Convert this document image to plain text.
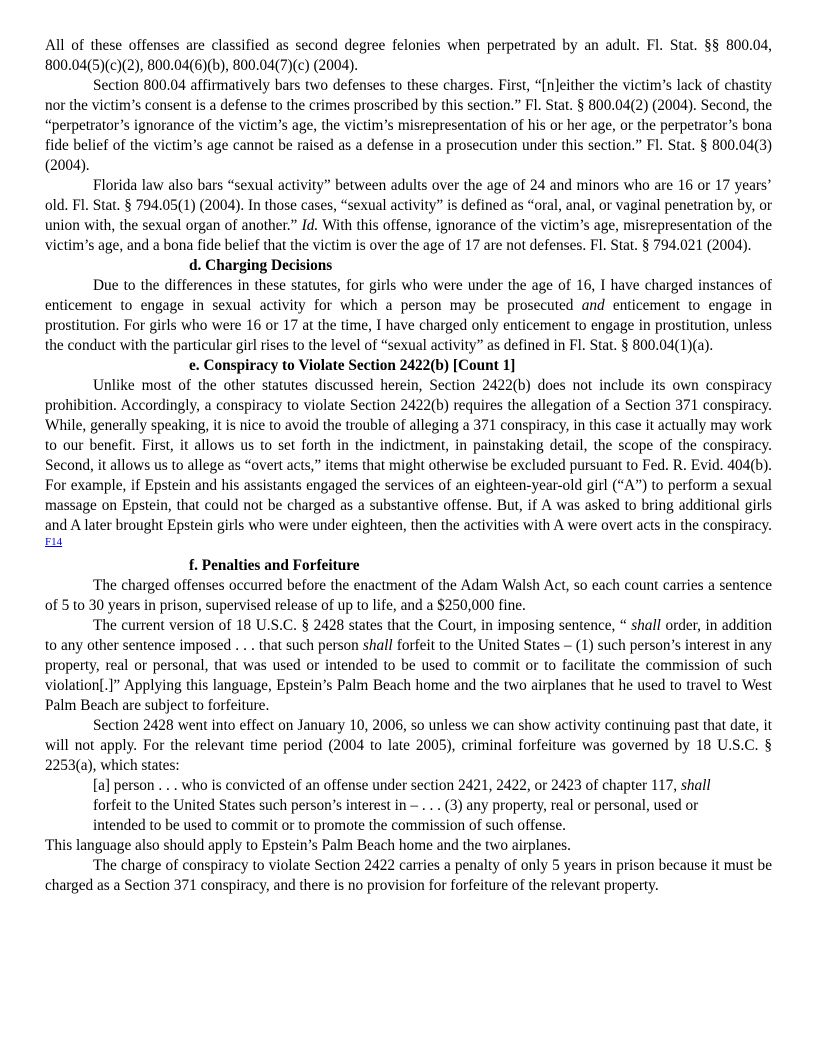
All of these offenses are classified as second degree felonies when perpetrated by an adult. Fl. Stat. §§ 800.04, 800.04(5)(c)(2), 800.04(6)(b), 800.04(7)(c) (2004).

Section 800.04 affirmatively bars two defenses to these charges. First, “[n]either the victim’s lack of chastity nor the victim’s consent is a defense to the crimes proscribed by this section.” Fl. Stat. § 800.04(2) (2004). Second, the “perpetrator’s ignorance of the victim’s age, the victim’s misrepresentation of his or her age, or the perpetrator’s bona fide belief of the victim’s age cannot be raised as a defense in a prosecution under this section.” Fl. Stat. § 800.04(3) (2004).

Florida law also bars “sexual activity” between adults over the age of 24 and minors who are 16 or 17 years’ old. Fl. Stat. § 794.05(1) (2004). In those cases, “sexual activity” is defined as “oral, anal, or vaginal penetration by, or union with, the sexual organ of another.” Id. With this offense, ignorance of the victim’s age, misrepresentation of the victim’s age, and a bona fide belief that the victim is over the age of 17 are not defenses. Fl. Stat. § 794.021 (2004).

d. Charging Decisions

Due to the differences in these statutes, for girls who were under the age of 16, I have charged instances of enticement to engage in sexual activity for which a person may be prosecuted and enticement to engage in prostitution. For girls who were 16 or 17 at the time, I have charged only enticement to engage in prostitution, unless the conduct with the particular girl rises to the level of “sexual activity” as defined in Fl. Stat. § 800.04(1)(a).

e. Conspiracy to Violate Section 2422(b) [Count 1]

Unlike most of the other statutes discussed herein, Section 2422(b) does not include its own conspiracy prohibition. Accordingly, a conspiracy to violate Section 2422(b) requires the allegation of a Section 371 conspiracy. While, generally speaking, it is nice to avoid the trouble of alleging a 371 conspiracy, in this case it actually may work to our benefit. First, it allows us to set forth in the indictment, in painstaking detail, the scope of the conspiracy. Second, it allows us to allege as “overt acts,” items that might otherwise be excluded pursuant to Fed. R. Evid. 404(b). For example, if Epstein and his assistants engaged the services of an eighteen-year-old girl (“A”) to perform a sexual massage on Epstein, that could not be charged as a substantive offense. But, if A was asked to bring additional girls and A later brought Epstein girls who were under eighteen, then the activities with A were overt acts in the conspiracy. $^{F14}$

f. Penalties and Forfeiture

The charged offenses occurred before the enactment of the Adam Walsh Act, so each count carries a sentence of 5 to 30 years in prison, supervised release of up to life, and a $250,000 fine.

The current version of 18 U.S.C. § 2428 states that the Court, in imposing sentence, “ shall order, in addition to any other sentence imposed . . . that such person shall forfeit to the United States – (1) such person’s interest in any property, real or personal, that was used or intended to be used to commit or to facilitate the commission of such violation[.]” Applying this language, Epstein’s Palm Beach home and the two airplanes that he used to travel to West Palm Beach are subject to forfeiture.

Section 2428 went into effect on January 10, 2006, so unless we can show activity continuing past that date, it will not apply. For the relevant time period (2004 to late 2005), criminal forfeiture was governed by 18 U.S.C. § 2253(a), which states:

[a] person . . . who is convicted of an offense under section 2421, 2422, or 2423 of chapter 117, shall forfeit to the United States such person’s interest in – . . . (3) any property, real or personal, used or intended to be used to commit or to promote the commission of such offense.

This language also should apply to Epstein’s Palm Beach home and the two airplanes.

The charge of conspiracy to violate Section 2422 carries a penalty of only 5 years in prison because it must be charged as a Section 371 conspiracy, and there is no provision for forfeiture of the relevant property.
